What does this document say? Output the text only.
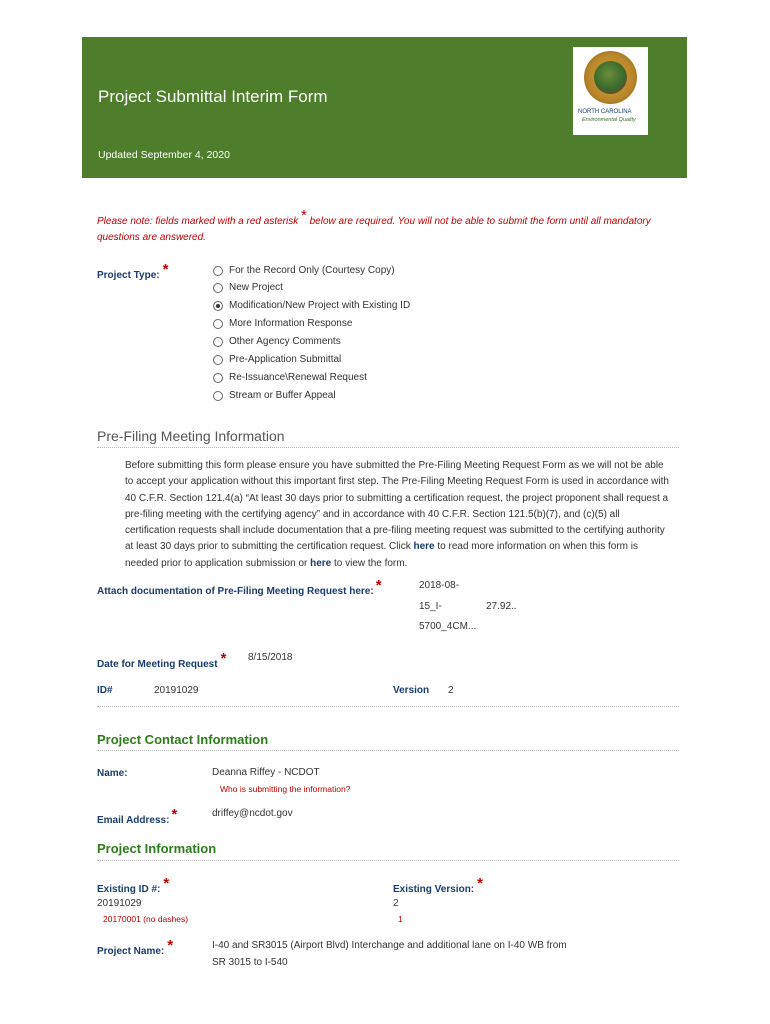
Project Submittal Interim Form
Updated September 4, 2020
NORTH CAROLINA
Environmental Quality
Please note: fields marked with a red asterisk * below are required. You will not be able to submit the form until all mandatory questions are answered.
Project Type: *	For the Record Only (Courtesy Copy)
New Project
Modification/New Project with Existing ID
More Information Response
Other Agency Comments
Pre-Application Submittal
Re-Issuance\Renewal Request
Stream or Buffer Appeal
Pre-Filing Meeting Information
Before submitting this form please ensure you have submitted the Pre-Filing Meeting Request Form as we will not be able to accept your application without this important first step. The Pre-Filing Meeting Request Form is used in accordance with 40 C.F.R. Section 121.4(a) “At least 30 days prior to submitting a certification request, the project proponent shall request a pre-filing meeting with the certifying agency” and in accordance with 40 C.F.R. Section 121.5(b)(7), and (c)(5) all certification requests shall include documentation that a pre-filing meeting request was submitted to the certifying authority at least 30 days prior to submitting the certification request. Click here to read more information on when this form is needed prior to application submission or here to view the form.
Attach documentation of Pre-Filing Meeting Request here: *	2018-08-
15_I-	27.92..
5700_4CM...
Date for Meeting Request * 8/15/2018
ID#	20191029	Version 2
Project Contact Information
Name:	Deanna Riffey - NCDOT
Who is submitting the information?
Email Address: *	driffey@ncdot.gov
Project Information
Existing ID #: *
20191029
20170001 (no dashes)
Existing Version: *
2
1
Project Name: *	I-40 and SR3015 (Airport Blvd) Interchange and additional lane on I-40 WB from
SR 3015 to I-540
